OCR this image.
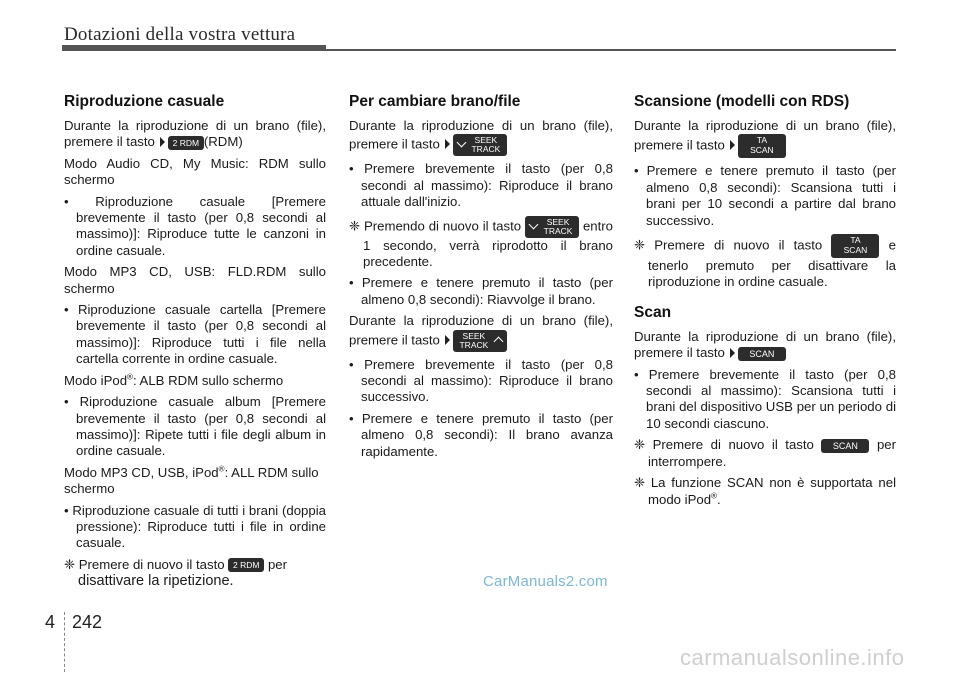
Dotazioni della vostra vettura
Riproduzione casuale

Durante la riproduzione di un brano (file), premere il tasto 2 RDM (RDM)

Modo Audio CD, My Music: RDM sullo schermo

• Riproduzione casuale [Premere brevemente il tasto (per 0,8 secondi al massimo)]: Riproduce tutte le canzoni in ordine casuale.

Modo MP3 CD, USB: FLD.RDM sullo schermo

• Riproduzione casuale cartella [Premere brevemente il tasto (per 0,8 secondi al massimo)]: Riproduce tutti i file nella cartella corrente in ordine casuale.

Modo iPod®: ALB RDM sullo schermo

• Riproduzione casuale album [Premere brevemente il tasto (per 0,8 secondi al massimo)]: Ripete tutti i file degli album in ordine casuale.

Modo MP3 CD, USB, iPod®: ALL RDM sullo schermo

• Riproduzione casuale di tutti i brani (doppia pressione): Riproduce tutti i file in ordine casuale.

❈ Premere di nuovo il tasto 2 RDM per
disattivare la ripetizione.

Per cambiare brano/file

Durante la riproduzione di un brano (file), premere il tasto	SEEK
TRACK

• Premere brevemente il tasto (per 0,8 secondi al massimo): Riproduce il brano attuale dall'inizio.

❈ Premendo di nuovo il tasto	SEEK
TRACK entro 1 secondo, verrà riprodotto il brano precedente.

• Premere e tenere premuto il tasto (per almeno 0,8 secondi): Riavvolge il brano.

Durante la riproduzione di un brano (file), premere il tasto	SEEK
TRACK

• Premere brevemente il tasto (per 0,8 secondi al massimo): Riproduce il brano successivo.

• Premere e tenere premuto il tasto (per almeno 0,8 secondi): Il brano avanza rapidamente.

Scansione (modelli con RDS)

Durante la riproduzione di un brano (file), premere il tasto	TA
SCAN

• Premere e tenere premuto il tasto (per almeno 0,8 secondi): Scansiona tutti i brani per 10 secondi a partire dal brano successivo.

❈ Premere di nuovo il tasto	TA
SCAN	e tenerlo premuto per disattivare la riproduzione in ordine casuale.

Scan

Durante la riproduzione di un brano (file), premere il tasto	SCAN

• Premere brevemente il tasto (per 0,8 secondi al massimo): Scansiona tutti i brani del dispositivo USB per un periodo di 10 secondi ciascuno.

❈ Premere di nuovo il tasto SCAN per interrompere.

❈ La funzione SCAN non è supportata nel modo iPod®.

CarManuals2.com
4 242
carmanualsonline.info
